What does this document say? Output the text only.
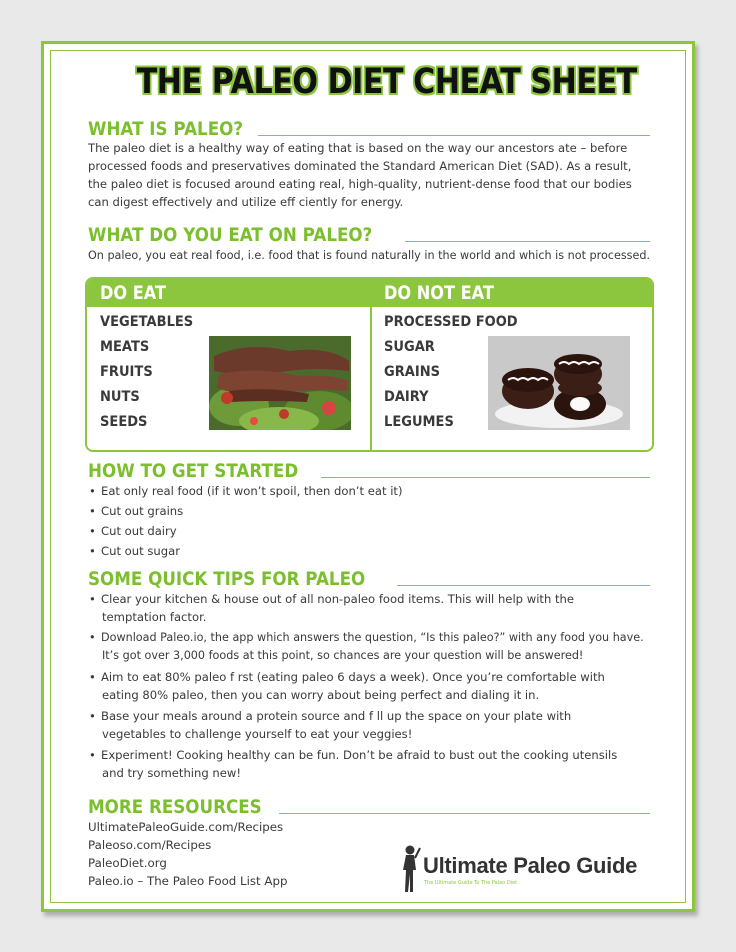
THE PALEO DIET CHEAT SHEET
WHAT IS PALEO?
The paleo diet is a healthy way of eating that is based on the way our ancestors ate – before
processed foods and preservatives dominated the Standard American Diet (SAD). As a result,
the paleo diet is focused around eating real, high-quality, nutrient-dense food that our bodies
can digest effectively and utilize eff ciently for energy.
WHAT DO YOU EAT ON PALEO?
On paleo, you eat real food, i.e. food that is found naturally in the world and which is not processed.
DO EAT	DO NOT EAT
VEGETABLES
MEATS
FRUITS
NUTS
SEEDS
PROCESSED FOOD
SUGAR
GRAINS
DAIRY
LEGUMES
HOW TO GET STARTED
• Eat only real food (if it won’t spoil, then don’t eat it)
• Cut out grains
• Cut out dairy
• Cut out sugar
SOME QUICK TIPS FOR PALEO
• Clear your kitchen & house out of all non-paleo food items. This will help with the
temptation factor.
• Download Paleo.io, the app which answers the question, “Is this paleo?” with any food you have.
It’s got over 3,000 foods at this point, so chances are your question will be answered!
• Aim to eat 80% paleo f rst (eating paleo 6 days a week). Once you’re comfortable with
eating 80% paleo, then you can worry about being perfect and dialing it in.
• Base your meals around a protein source and f ll up the space on your plate with
vegetables to challenge yourself to eat your veggies!
• Experiment! Cooking healthy can be fun. Don’t be afraid to bust out the cooking utensils
and try something new!
MORE RESOURCES
UltimatePaleoGuide.com/Recipes
Paleoso.com/Recipes
PaleoDiet.org
Paleo.io – The Paleo Food List App
Ultimate Paleo Guide
The Ultimate Guide To The Paleo Diet
